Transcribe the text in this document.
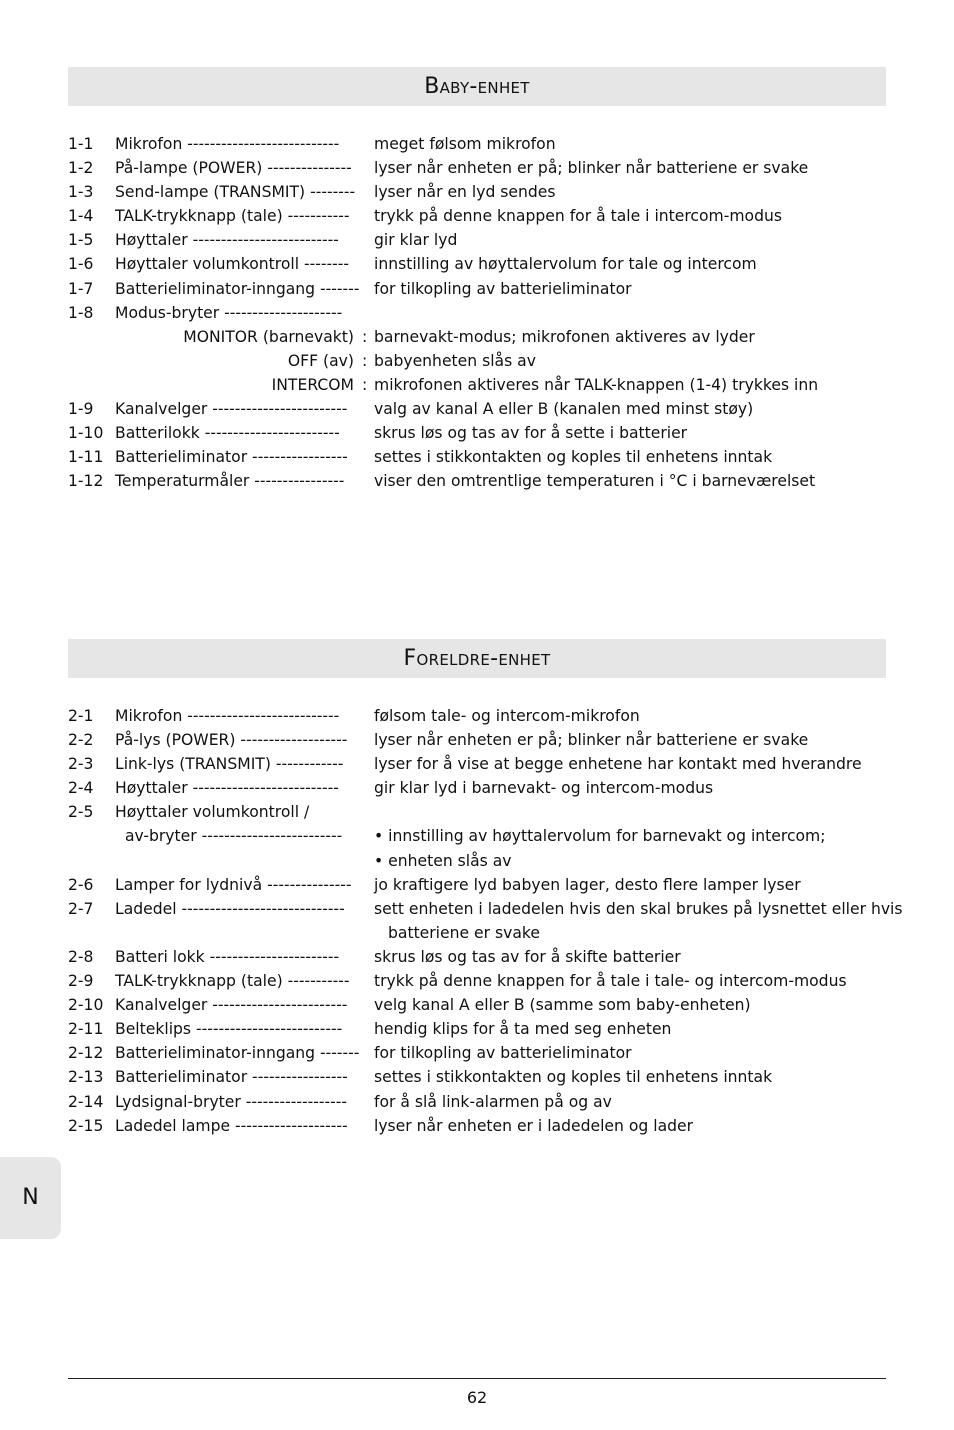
Baby-enhet
1-1 Mikrofon --------------------------- meget følsom mikrofon
1-2 På-lampe (POWER) --------------- lyser når enheten er på; blinker når batteriene er svake
1-3 Send-lampe (TRANSMIT) -------- lyser når en lyd sendes
1-4 TALK-trykknapp (tale) ----------- trykk på denne knappen for å tale i intercom-modus
1-5 Høyttaler -------------------------- gir klar lyd
1-6 Høyttaler volumkontroll -------- innstilling av høyttalervolum for tale og intercom
1-7 Batterieliminator-inngang ------- for tilkopling av batterieliminator
1-8 Modus-bryter ---------------------
MONITOR (barnevakt) : barnevakt-modus; mikrofonen aktiveres av lyder
OFF (av) : babyenheten slås av
INTERCOM : mikrofonen aktiveres når TALK-knappen (1-4) trykkes inn
1-9 Kanalvelger ------------------------ valg av kanal A eller B (kanalen med minst støy)
1-10 Batterilokk ------------------------ skrus løs og tas av for å sette i batterier
1-11 Batterieliminator ----------------- settes i stikkontakten og koples til enhetens inntak
1-12 Temperaturmåler ---------------- viser den omtrentlige temperaturen i °C i barneværelset
Foreldre-enhet
2-1 Mikrofon --------------------------- følsom tale- og intercom-mikrofon
2-2 På-lys (POWER) ------------------- lyser når enheten er på; blinker når batteriene er svake
2-3 Link-lys (TRANSMIT) ------------ lyser for å vise at begge enhetene har kontakt med hverandre
2-4 Høyttaler -------------------------- gir klar lyd i barnevakt- og intercom-modus
2-5 Høyttaler volumkontroll /
av-bryter ------------------------- • innstilling av høyttalervolum for barnevakt og intercom;
• enheten slås av
2-6 Lamper for lydnivå --------------- jo kraftigere lyd babyen lager, desto flere lamper lyser
2-7 Ladedel ----------------------------- sett enheten i ladedelen hvis den skal brukes på lysnettet eller hvis
batteriene er svake
2-8 Batteri lokk ----------------------- skrus løs og tas av for å skifte batterier
2-9 TALK-trykknapp (tale) ----------- trykk på denne knappen for å tale i tale- og intercom-modus
2-10 Kanalvelger ------------------------ velg kanal A eller B (samme som baby-enheten)
2-11 Belteklips -------------------------- hendig klips for å ta med seg enheten
2-12 Batterieliminator-inngang ------- for tilkopling av batterieliminator
2-13 Batterieliminator ----------------- settes i stikkontakten og koples til enhetens inntak
2-14 Lydsignal-bryter ------------------ for å slå link-alarmen på og av
2-15 Ladedel lampe -------------------- lyser når enheten er i ladedelen og lader
N
62
